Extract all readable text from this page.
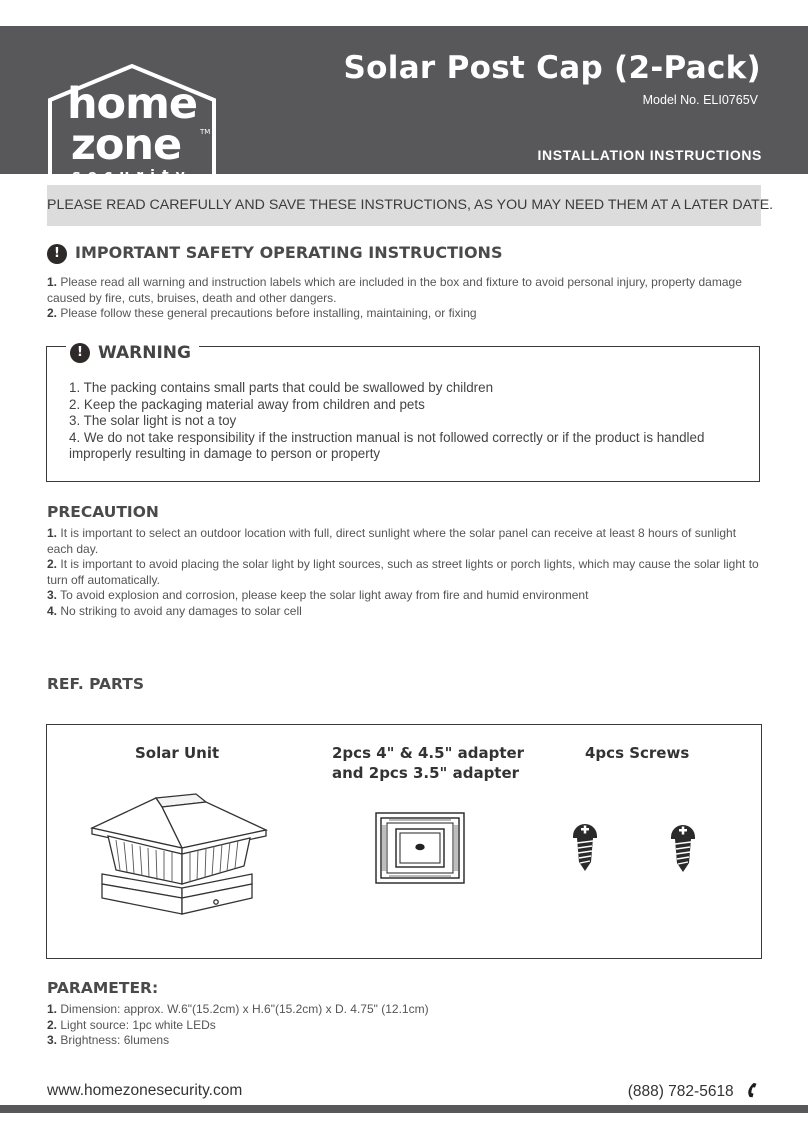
home
zone	TM
security
Solar Post Cap (2-Pack)
Model No. ELI0765V
INSTALLATION INSTRUCTIONS
PLEASE READ CAREFULLY AND SAVE THESE INSTRUCTIONS, AS YOU MAY NEED THEM AT A LATER DATE.
! IMPORTANT SAFETY OPERATING INSTRUCTIONS

1. Please read all warning and instruction labels which are included in the box and fixture to avoid personal injury, property damage caused by fire, cuts, bruises, death and other dangers.

2. Please follow these general precautions before installing, maintaining, or fixing

! WARNING
1. The packing contains small parts that could be swallowed by children
2. Keep the packaging material away from children and pets
3. The solar light is not a toy
4. We do not take responsibility if the instruction manual is not followed correctly or if the product is handled improperly resulting in damage to person or property
PRECAUTION

1. It is important to select an outdoor location with full, direct sunlight where the solar panel can receive at least 8 hours of sunlight each day.

2. It is important to avoid placing the solar light by light sources, such as street lights or porch lights, which may cause the solar light to turn off automatically.

3. To avoid explosion and corrosion, please keep the solar light away from fire and humid environment

4. No striking to avoid any damages to solar cell

REF. PARTS
Solar Unit	2pcs 4" & 4.5" adapter
and 2pcs 3.5" adapter
4pcs Screws
PARAMETER:

1. Dimension: approx. W.6"(15.2cm) x H.6"(15.2cm) x D. 4.75" (12.1cm)

2. Light source: 1pc white LEDs

3. Brightness: 6lumens

www.homezonesecurity.com	(888) 782-5618
